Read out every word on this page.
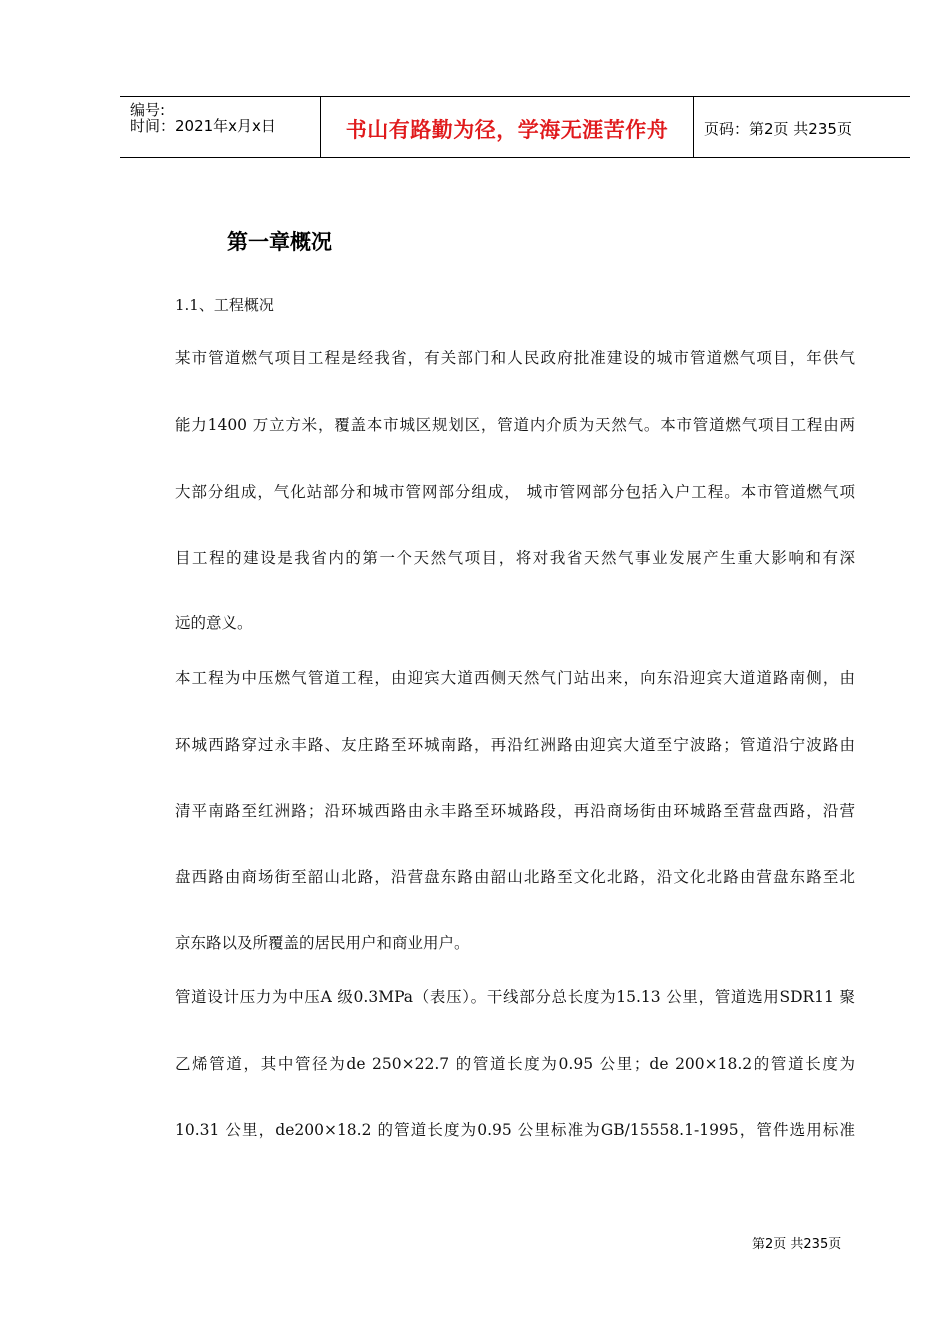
编号:
时间：2021年x月x日	书山有路勤为径，学海无涯苦作舟	页码：第2页 共235页
第一章概况
1.1、工程概况
某市管道燃气项目工程是经我省，有关部门和人民政府批准建设的城市管道燃气项目，年供气
能力1400 万立方米，覆盖本市城区规划区，管道内介质为天然气。本市管道燃气项目工程由两
大部分组成，气化站部分和城市管网部分组成， 城市管网部分包括入户工程。本市管道燃气项
目工程的建设是我省内的第一个天然气项目，将对我省天然气事业发展产生重大影响和有深
远的意义。
本工程为中压燃气管道工程，由迎宾大道西侧天然气门站出来，向东沿迎宾大道道路南侧，由
环城西路穿过永丰路、友庄路至环城南路，再沿红洲路由迎宾大道至宁波路；管道沿宁波路由
清平南路至红洲路；沿环城西路由永丰路至环城路段，再沿商场街由环城路至营盘西路，沿营
盘西路由商场街至韶山北路，沿营盘东路由韶山北路至文化北路，沿文化北路由营盘东路至北
京东路以及所覆盖的居民用户和商业用户。
管道设计压力为中压A 级0.3MPa（表压）。干线部分总长度为15.13 公里，管道选用SDR11 聚
乙烯管道，其中管径为de 250×22.7 的管道长度为0.95 公里；de 200×18.2的管道长度为
10.31 公里，de200×18.2 的管道长度为0.95 公里标准为GB/15558.1-1995，管件选用标准
第2页 共235页
